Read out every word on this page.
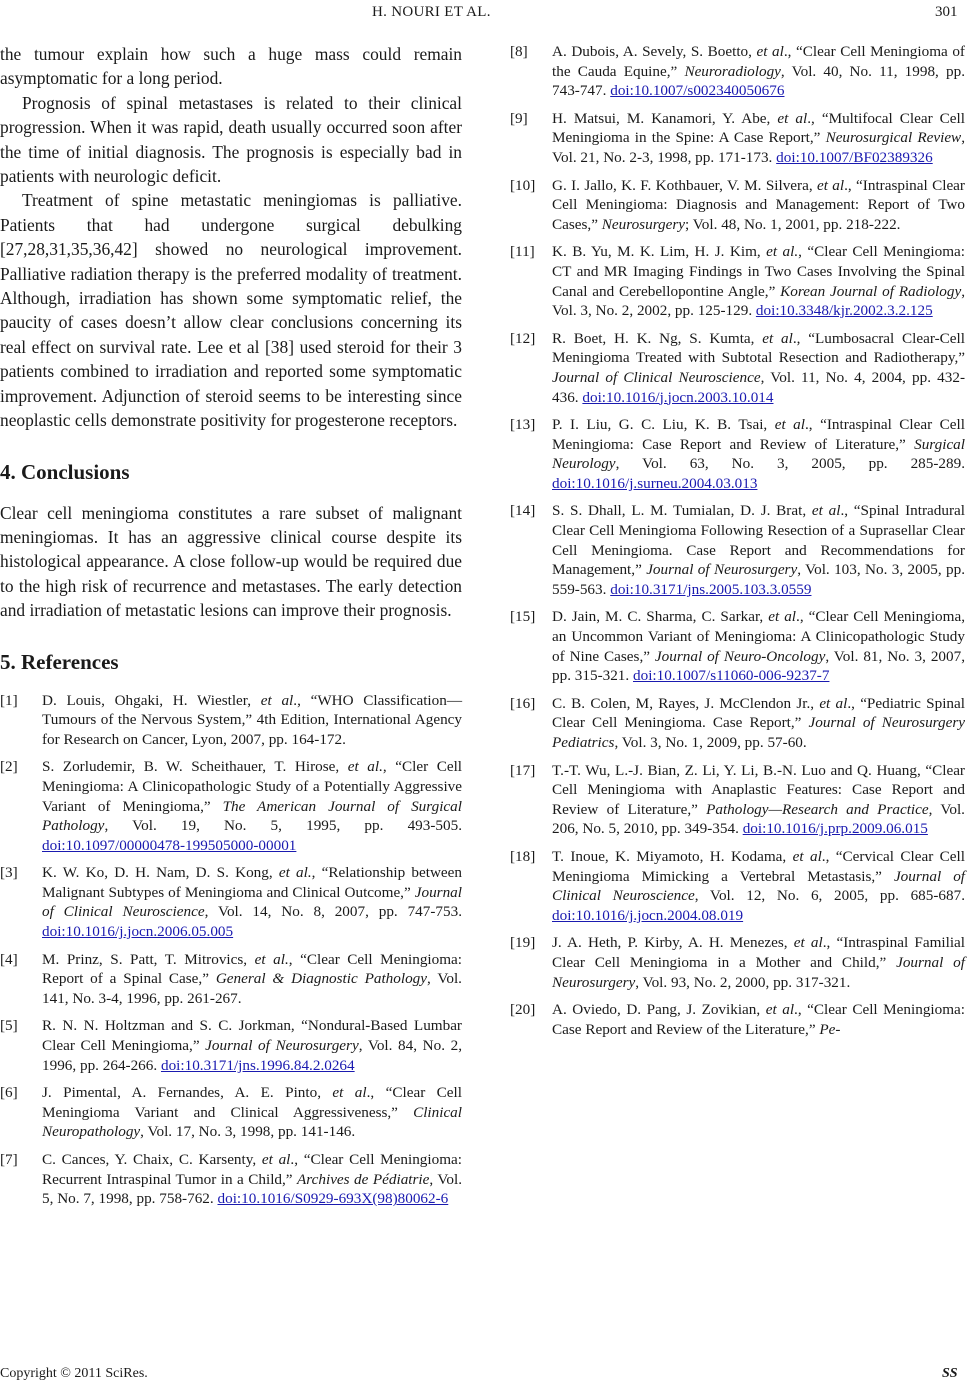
H. NOURI ET AL.	301

the tumour explain how such a huge mass could remain asymptomatic for a long period.

Prognosis of spinal metastases is related to their clinical progression. When it was rapid, death usually occurred soon after the time of initial diagnosis. The prognosis is especially bad in patients with neurologic deficit.

Treatment of spine metastatic meningiomas is palliative. Patients that had undergone surgical debulking [27,28,31,35,36,42] showed no neurological improvement. Palliative radiation therapy is the preferred modality of treatment. Although, irradiation has shown some symptomatic relief, the paucity of cases doesn’t allow clear conclusions concerning its real effect on survival rate. Lee et al [38] used steroid for their 3 patients combined to irradiation and reported some symptomatic improvement. Adjunction of steroid seems to be interesting since neoplastic cells demonstrate positivity for progesterone receptors.

4. Conclusions

Clear cell meningioma constitutes a rare subset of malignant meningiomas. It has an aggressive clinical course despite its histological appearance. A close follow-up would be required due to the high risk of recurrence and metastases. The early detection and irradiation of metastatic lesions can improve their prognosis.

5. References
[1] D. Louis, Ohgaki, H. Wiestler, et al., “WHO Classification—Tumours of the Nervous System,” 4th Edition, International Agency for Research on Cancer, Lyon, 2007, pp. 164-172.
[2] S. Zorludemir, B. W. Scheithauer, T. Hirose, et al., “Cler Cell Meningioma: A Clinicopathologic Study of a Potentially Aggressive Variant of Meningioma,” The American Journal of Surgical Pathology, Vol. 19, No. 5, 1995, pp. 493-505. doi:10.1097/00000478-199505000-00001
[3] K. W. Ko, D. H. Nam, D. S. Kong, et al., “Relationship between Malignant Subtypes of Meningioma and Clinical Outcome,” Journal of Clinical Neuroscience, Vol. 14, No. 8, 2007, pp. 747-753. doi:10.1016/j.jocn.2006.05.005
[4] M. Prinz, S. Patt, T. Mitrovics, et al., “Clear Cell Meningioma: Report of a Spinal Case,” General & Diagnostic Pathology, Vol. 141, No. 3-4, 1996, pp. 261-267.
[5] R. N. N. Holtzman and S. C. Jorkman, “Nondural-Based Lumbar Clear Cell Meningioma,” Journal of Neurosurgery, Vol. 84, No. 2, 1996, pp. 264-266. doi:10.3171/jns.1996.84.2.0264
[6] J. Pimental, A. Fernandes, A. E. Pinto, et al., “Clear Cell Meningioma Variant and Clinical Aggressiveness,” Clinical Neuropathology, Vol. 17, No. 3, 1998, pp. 141-146.
[7] C. Cances, Y. Chaix, C. Karsenty, et al., “Clear Cell Meningioma: Recurrent Intraspinal Tumor in a Child,” Archives de Pédiatrie, Vol. 5, No. 7, 1998, pp. 758-762. doi:10.1016/S0929-693X(98)80062-6
[8] A. Dubois, A. Sevely, S. Boetto, et al., “Clear Cell Meningioma of the Cauda Equine,” Neuroradiology, Vol. 40, No. 11, 1998, pp. 743-747. doi:10.1007/s002340050676
[9] H. Matsui, M. Kanamori, Y. Abe, et al., “Multifocal Clear Cell Meningioma in the Spine: A Case Report,” Neurosurgical Review, Vol. 21, No. 2-3, 1998, pp. 171-173. doi:10.1007/BF02389326
[10] G. I. Jallo, K. F. Kothbauer, V. M. Silvera, et al., “Intraspinal Clear Cell Meningioma: Diagnosis and Management: Report of Two Cases,” Neurosurgery; Vol. 48, No. 1, 2001, pp. 218-222.
[11] K. B. Yu, M. K. Lim, H. J. Kim, et al., “Clear Cell Meningioma: CT and MR Imaging Findings in Two Cases Involving the Spinal Canal and Cerebellopontine Angle,” Korean Journal of Radiology, Vol. 3, No. 2, 2002, pp. 125-129. doi:10.3348/kjr.2002.3.2.125
[12] R. Boet, H. K. Ng, S. Kumta, et al., “Lumbosacral Clear-Cell Meningioma Treated with Subtotal Resection and Radiotherapy,” Journal of Clinical Neuroscience, Vol. 11, No. 4, 2004, pp. 432-436. doi:10.1016/j.jocn.2003.10.014
[13] P. I. Liu, G. C. Liu, K. B. Tsai, et al., “Intraspinal Clear Cell Meningioma: Case Report and Review of Literature,” Surgical Neurology, Vol. 63, No. 3, 2005, pp. 285-289. doi:10.1016/j.surneu.2004.03.013
[14] S. S. Dhall, L. M. Tumialan, D. J. Brat, et al., “Spinal Intradural Clear Cell Meningioma Following Resection of a Suprasellar Clear Cell Meningioma. Case Report and Recommendations for Management,” Journal of Neurosurgery, Vol. 103, No. 3, 2005, pp. 559-563. doi:10.3171/jns.2005.103.3.0559
[15] D. Jain, M. C. Sharma, C. Sarkar, et al., “Clear Cell Meningioma, an Uncommon Variant of Meningioma: A Clinicopathologic Study of Nine Cases,” Journal of Neuro-Oncology, Vol. 81, No. 3, 2007, pp. 315-321. doi:10.1007/s11060-006-9237-7
[16] C. B. Colen, M, Rayes, J. McClendon Jr., et al., “Pediatric Spinal Clear Cell Meningioma. Case Report,” Journal of Neurosurgery Pediatrics, Vol. 3, No. 1, 2009, pp. 57-60.
[17] T.-T. Wu, L.-J. Bian, Z. Li, Y. Li, B.-N. Luo and Q. Huang, “Clear Cell Meningioma with Anaplastic Features: Case Report and Review of Literature,” Pathology—Research and Practice, Vol. 206, No. 5, 2010, pp. 349-354. doi:10.1016/j.prp.2009.06.015
[18] T. Inoue, K. Miyamoto, H. Kodama, et al., “Cervical Clear Cell Meningioma Mimicking a Vertebral Metastasis,” Journal of Clinical Neuroscience, Vol. 12, No. 6, 2005, pp. 685-687. doi:10.1016/j.jocn.2004.08.019
[19] J. A. Heth, P. Kirby, A. H. Menezes, et al., “Intraspinal Familial Clear Cell Meningioma in a Mother and Child,” Journal of Neurosurgery, Vol. 93, No. 2, 2000, pp. 317-321.
[20] A. Oviedo, D. Pang, J. Zovikian, et al., “Clear Cell Meningioma: Case Report and Review of the Literature,” Pe-
Copyright © 2011 SciRes.	SS
